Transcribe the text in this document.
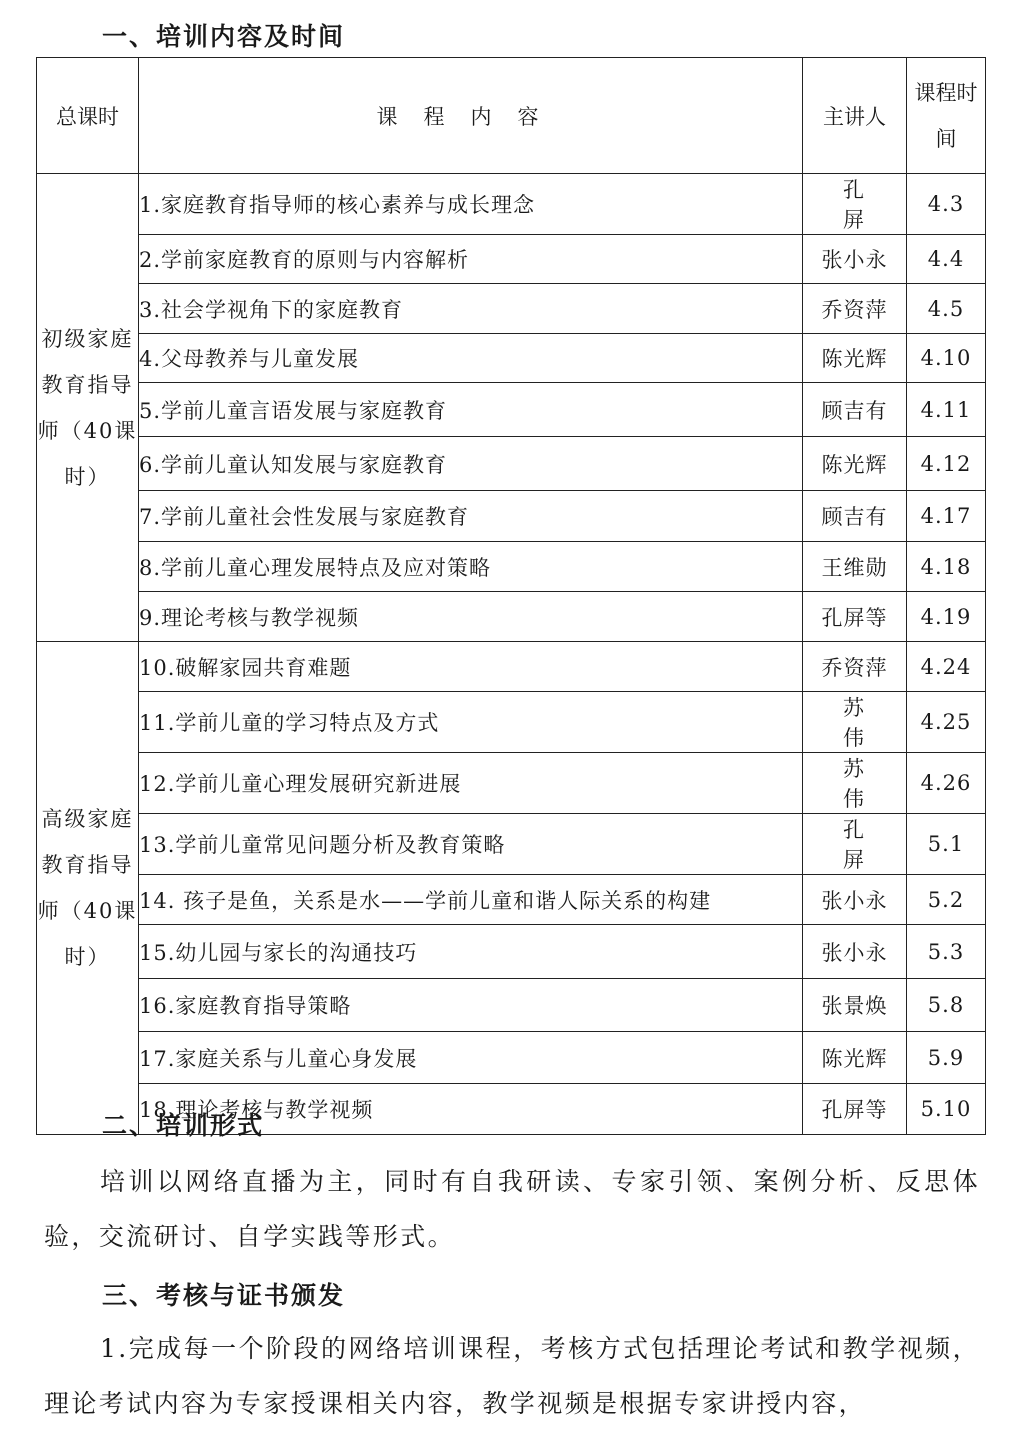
一、培训内容及时间
总课时	课程内容	主讲人	课程时间
初级家庭教育指导师（40课时）	1.家庭教育指导师的核心素养与成长理念	孔屏	4.3
	2.学前家庭教育的原则与内容解析	张小永	4.4
	3.社会学视角下的家庭教育	乔资萍	4.5
	4.父母教养与儿童发展	陈光辉	4.10
	5.学前儿童言语发展与家庭教育	顾吉有	4.11
	6.学前儿童认知发展与家庭教育	陈光辉	4.12
	7.学前儿童社会性发展与家庭教育	顾吉有	4.17
	8.学前儿童心理发展特点及应对策略	王维勋	4.18
	9.理论考核与教学视频	孔屏等	4.19
高级家庭教育指导师（40课时）	10.破解家园共育难题	乔资萍	4.24
	11.学前儿童的学习特点及方式	苏伟	4.25
	12.学前儿童心理发展研究新进展	苏伟	4.26
	13.学前儿童常见问题分析及教育策略	孔屏	5.1
	14. 孩子是鱼，关系是水——学前儿童和谐人际关系的构建	张小永	5.2
	15.幼儿园与家长的沟通技巧	张小永	5.3
	16.家庭教育指导策略	张景焕	5.8
	17.家庭关系与儿童心身发展	陈光辉	5.9
	18.理论考核与教学视频	孔屏等	5.10
二、培训形式

培训以网络直播为主，同时有自我研读、专家引领、案例分析、反思体验，交流研讨、自学实践等形式。

三、考核与证书颁发

1.完成每一个阶段的网络培训课程，考核方式包括理论考试和教学视频，理论考试内容为专家授课相关内容，教学视频是根据专家讲授内容，
